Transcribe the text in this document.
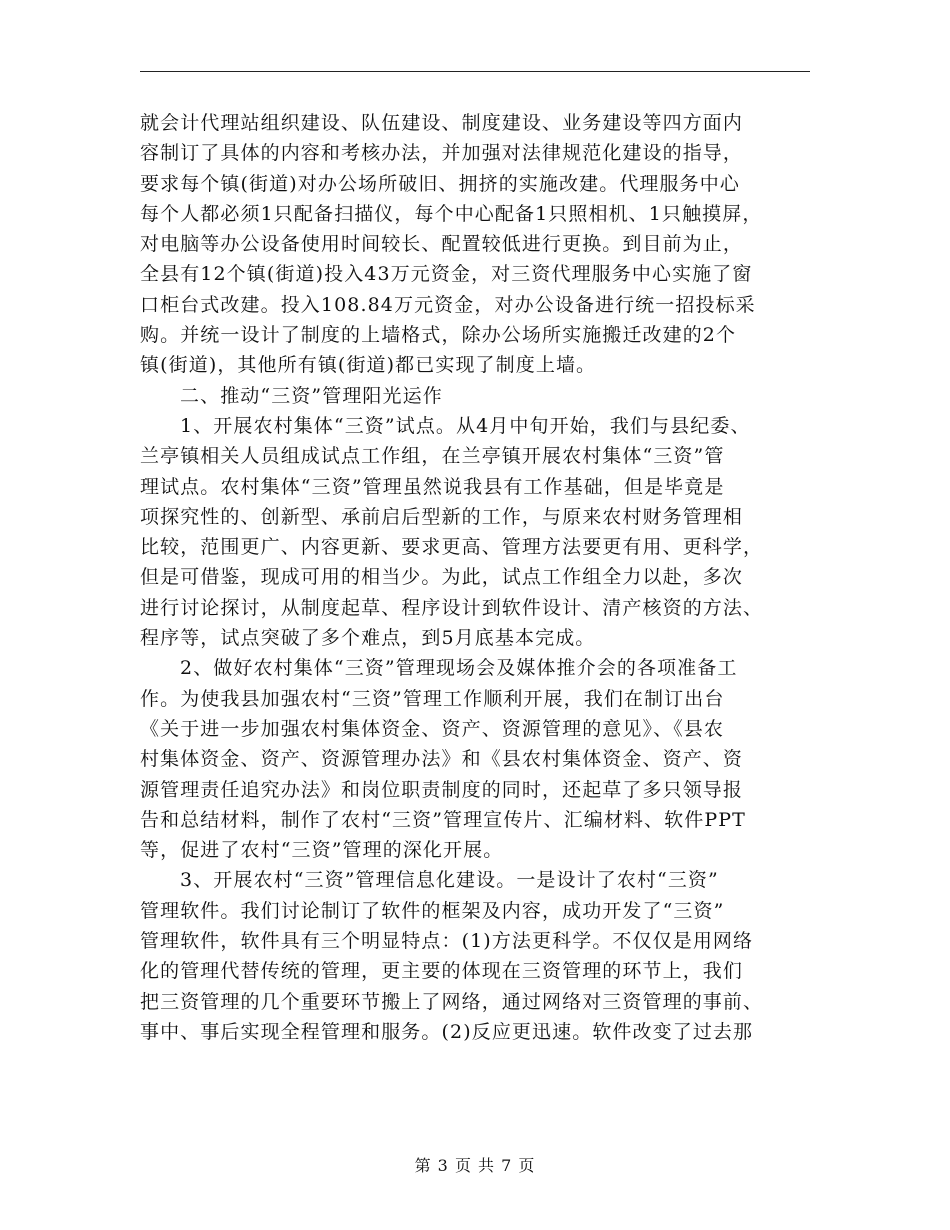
就会计代理站组织建设、队伍建设、制度建设、业务建设等四方面内
容制订了具体的内容和考核办法，并加强对法律规范化建设的指导，
要求每个镇(街道)对办公场所破旧、拥挤的实施改建。代理服务中心
每个人都必须1只配备扫描仪，每个中心配备1只照相机、1只触摸屏，
对电脑等办公设备使用时间较长、配置较低进行更换。到目前为止，
全县有12个镇(街道)投入43万元资金，对三资代理服务中心实施了窗
口柜台式改建。投入108.84万元资金，对办公设备进行统一招投标采
购。并统一设计了制度的上墙格式，除办公场所实施搬迁改建的2个
镇(街道)，其他所有镇(街道)都已实现了制度上墙。
二、推动“三资”管理阳光运作
1、开展农村集体“三资”试点。从4月中旬开始，我们与县纪委、
兰亭镇相关人员组成试点工作组，在兰亭镇开展农村集体“三资”管
理试点。农村集体“三资”管理虽然说我县有工作基础，但是毕竟是
项探究性的、创新型、承前启后型新的工作，与原来农村财务管理相
比较，范围更广、内容更新、要求更高、管理方法要更有用、更科学，
但是可借鉴，现成可用的相当少。为此，试点工作组全力以赴，多次
进行讨论探讨，从制度起草、程序设计到软件设计、清产核资的方法、
程序等，试点突破了多个难点，到5月底基本完成。
2、做好农村集体“三资”管理现场会及媒体推介会的各项准备工
作。为使我县加强农村“三资”管理工作顺利开展，我们在制订出台
《关于进一步加强农村集体资金、资产、资源管理的意见》、《县农
村集体资金、资产、资源管理办法》和《县农村集体资金、资产、资
源管理责任追究办法》和岗位职责制度的同时，还起草了多只领导报
告和总结材料，制作了农村“三资”管理宣传片、汇编材料、软件PPT
等，促进了农村“三资”管理的深化开展。
3、开展农村“三资”管理信息化建设。一是设计了农村“三资”
管理软件。我们讨论制订了软件的框架及内容，成功开发了“三资”
管理软件，软件具有三个明显特点：(1)方法更科学。不仅仅是用网络
化的管理代替传统的管理，更主要的体现在三资管理的环节上，我们
把三资管理的几个重要环节搬上了网络，通过网络对三资管理的事前、
事中、事后实现全程管理和服务。(2)反应更迅速。软件改变了过去那
第 3 页 共 7 页
